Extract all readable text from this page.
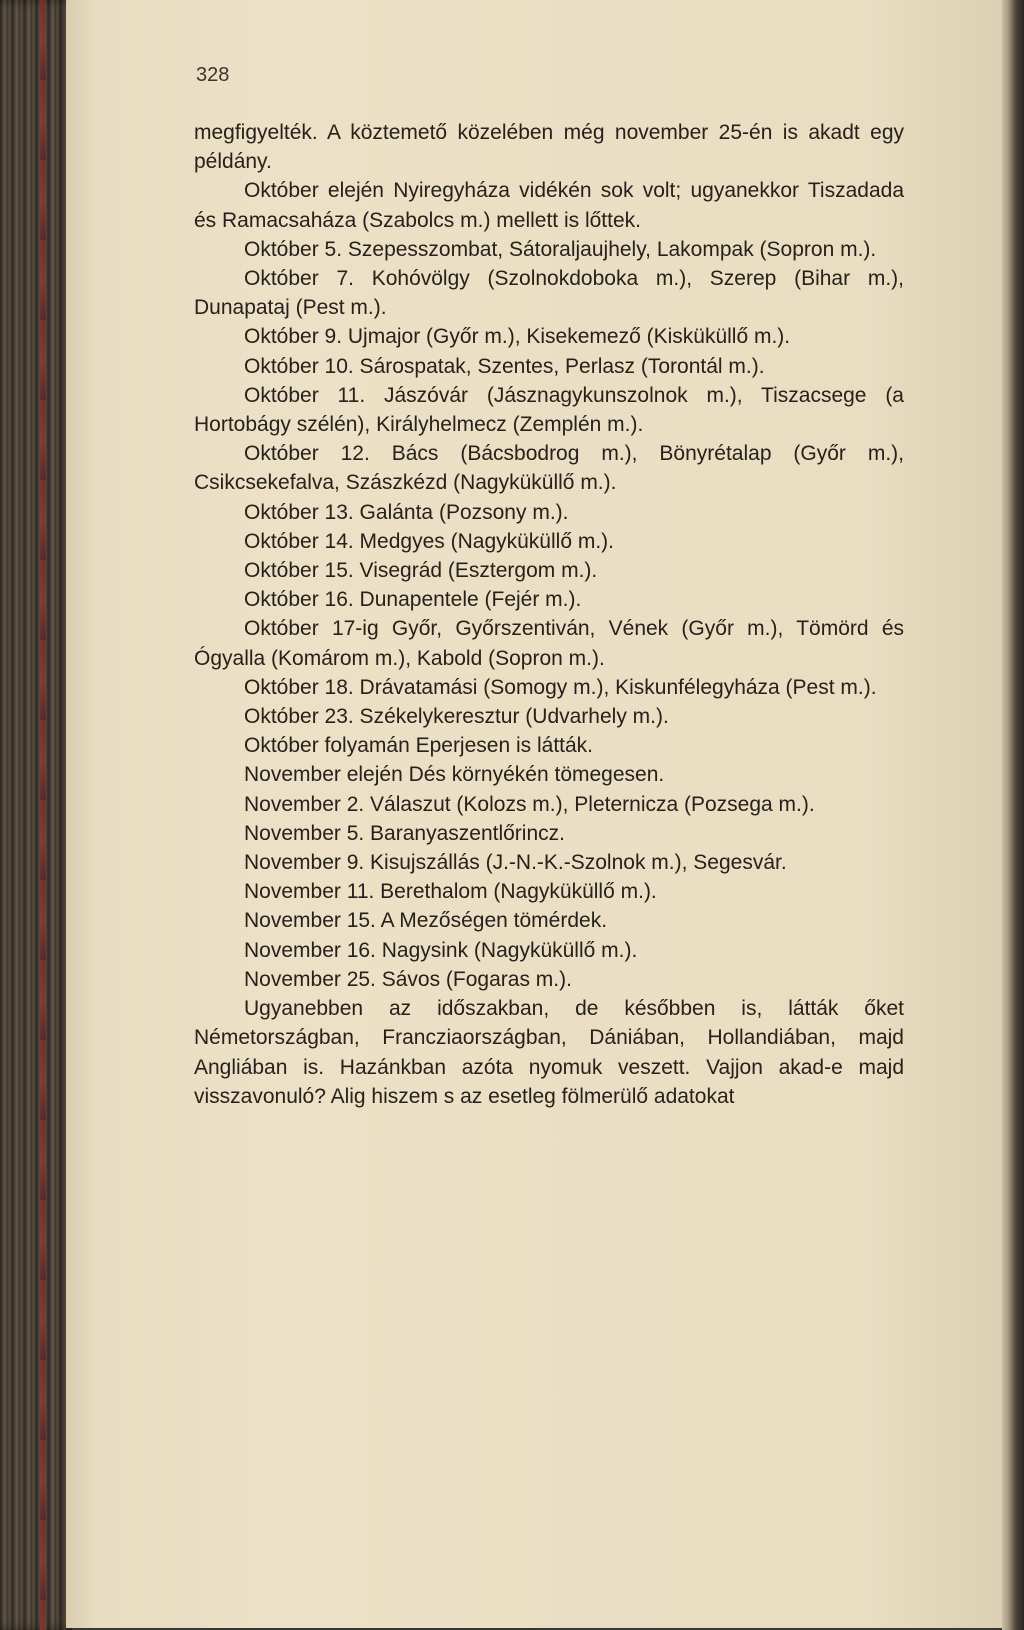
328

megfigyelték. A köztemető közelében még november 25-én is akadt egy példány.

Október elején Nyiregyháza vidékén sok volt; ugyanekkor Tiszadada és Ramacsaháza (Szabolcs m.) mellett is lőttek.

Október 5. Szepesszombat, Sátoraljaujhely, Lakompak (Sopron m.).

Október 7. Kohóvölgy (Szolnokdoboka m.), Szerep (Bihar m.), Dunapataj (Pest m.).

Október 9. Ujmajor (Győr m.), Kisekemező (Kisküküllő m.).

Október 10. Sárospatak, Szentes, Perlasz (Torontál m.).

Október 11. Jászóvár (Jásznagykunszolnok m.), Tiszacsege (a Hortobágy szélén), Királyhelmecz (Zemplén m.).

Október 12. Bács (Bácsbodrog m.), Bönyrétalap (Győr m.), Csikcsekefalva, Szászkézd (Nagyküküllő m.).

Október 13. Galánta (Pozsony m.).

Október 14. Medgyes (Nagyküküllő m.).

Október 15. Visegrád (Esztergom m.).

Október 16. Dunapentele (Fejér m.).

Október 17-ig Győr, Győrszentiván, Vének (Győr m.), Tömörd és Ógyalla (Komárom m.), Kabold (Sopron m.).

Október 18. Drávatamási (Somogy m.), Kiskunfélegyháza (Pest m.).

Október 23. Székelykeresztur (Udvarhely m.).

Október folyamán Eperjesen is látták.

November elején Dés környékén tömegesen.

November 2. Válaszut (Kolozs m.), Pleternicza (Pozsega m.).

November 5. Baranyaszentlőrincz.

November 9. Kisujszállás (J.-N.-K.-Szolnok m.), Segesvár.

November 11. Berethalom (Nagyküküllő m.).

November 15. A Mezőségen tömérdek.

November 16. Nagysink (Nagyküküllő m.).

November 25. Sávos (Fogaras m.).

Ugyanebben az időszakban, de későbben is, látták őket Németországban, Francziaországban, Dániában, Hollandiában, majd Angliában is. Hazánkban azóta nyomuk veszett. Vajjon akad-e majd visszavonuló? Alig hiszem s az esetleg fölmerülő adatokat
